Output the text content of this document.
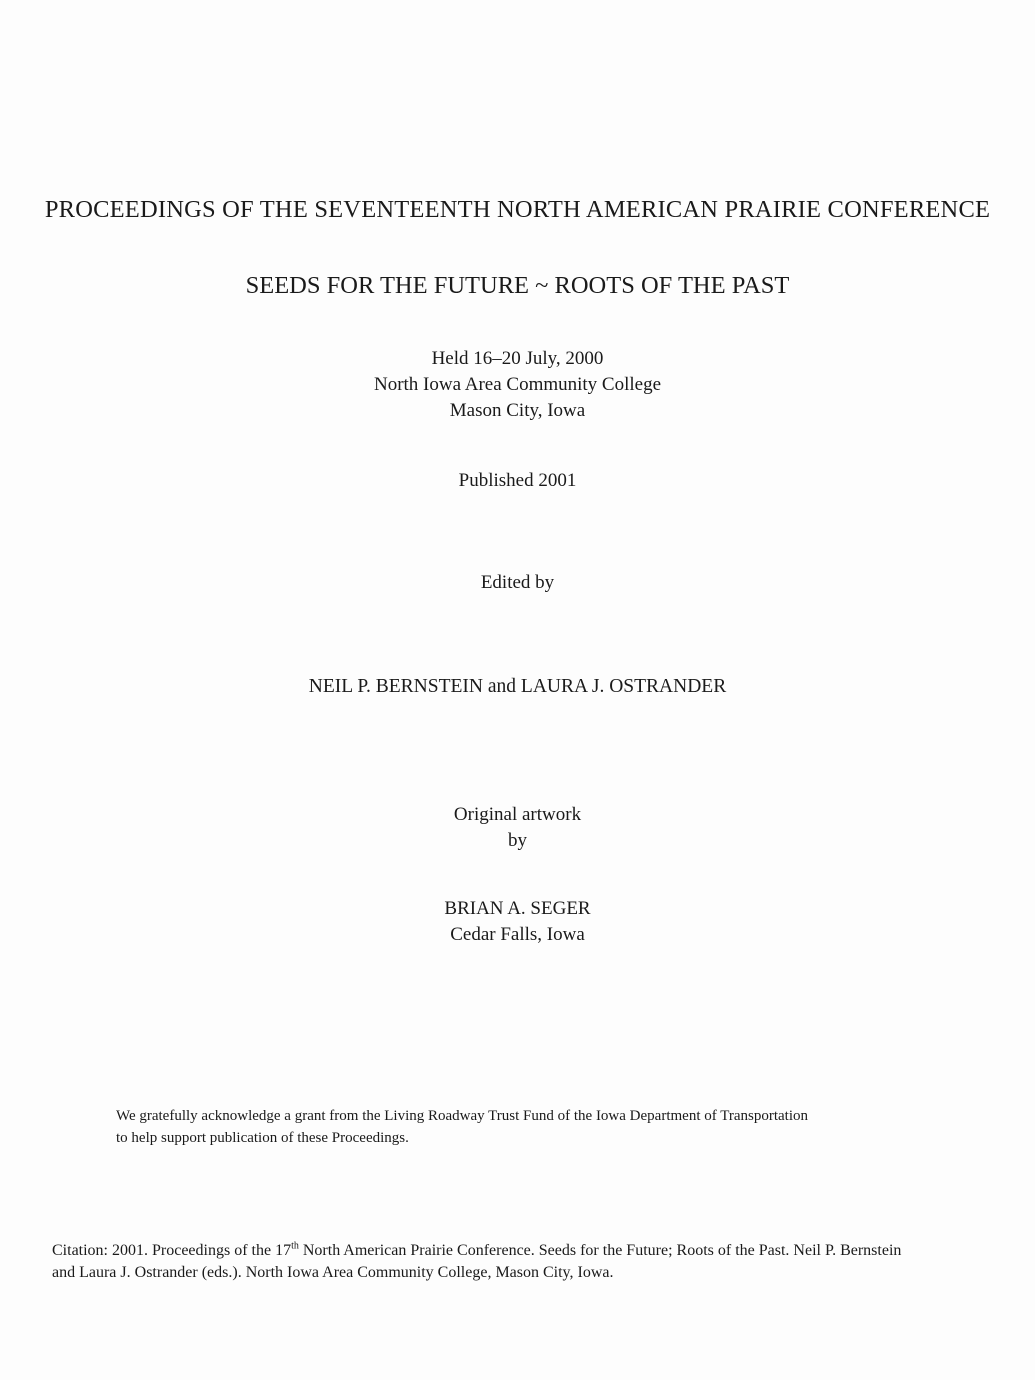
PROCEEDINGS OF THE SEVENTEENTH NORTH AMERICAN PRAIRIE CONFERENCE
SEEDS FOR THE FUTURE ~ ROOTS OF THE PAST
Held 16–20 July, 2000
North Iowa Area Community College
Mason City, Iowa
Published 2001
Edited by
NEIL P. BERNSTEIN and LAURA J. OSTRANDER
Original artwork
by
BRIAN A. SEGER
Cedar Falls, Iowa
We gratefully acknowledge a grant from the Living Roadway Trust Fund of the Iowa Department of Transportation
to help support publication of these Proceedings.
Citation: 2001. Proceedings of the 17th North American Prairie Conference. Seeds for the Future; Roots of the Past. Neil P. Bernstein
and Laura J. Ostrander (eds.). North Iowa Area Community College, Mason City, Iowa.
